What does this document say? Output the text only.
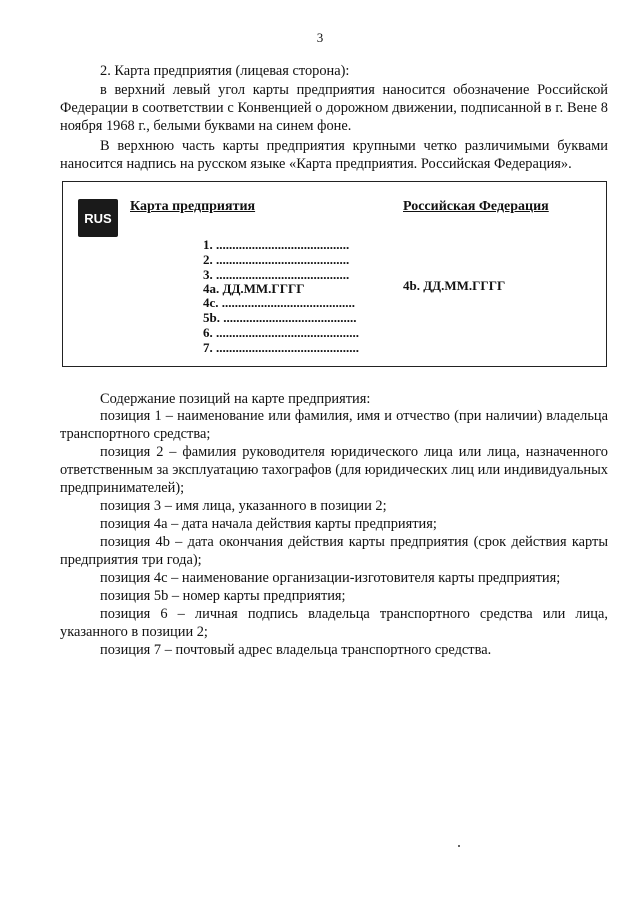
3
2. Карта предприятия (лицевая сторона):
в верхний левый угол карты предприятия наносится обозначение Российской Федерации в соответствии с Конвенцией о дорожном движении, подписанной в г. Вене 8 ноября 1968 г., белыми буквами на синем фоне.
В верхнюю часть карты предприятия крупными четко различимыми буквами наносится надпись на русском языке «Карта предприятия. Российская Федерация».
RUS
Карта предприятия	Российская Федерация
1. .........................................
2. .........................................
3. .........................................
4a. ДД.ММ.ГГГГ	4b. ДД.ММ.ГГГГ
4c. .........................................
5b. .........................................
6. ............................................
7. ............................................
Содержание позиций на карте предприятия:
позиция 1 – наименование или фамилия, имя и отчество (при наличии) владельца транспортного средства;
позиция 2 – фамилия руководителя юридического лица или лица, назначенного ответственным за эксплуатацию тахографов (для юридических лиц или индивидуальных предпринимателей);
позиция 3 – имя лица, указанного в позиции 2;
позиция 4a – дата начала действия карты предприятия;
позиция 4b – дата окончания действия карты предприятия (срок действия карты предприятия три года);
позиция 4c – наименование организации-изготовителя карты предприятия;
позиция 5b – номер карты предприятия;
позиция 6 – личная подпись владельца транспортного средства или лица, указанного в позиции 2;
позиция 7 – почтовый адрес владельца транспортного средства.
